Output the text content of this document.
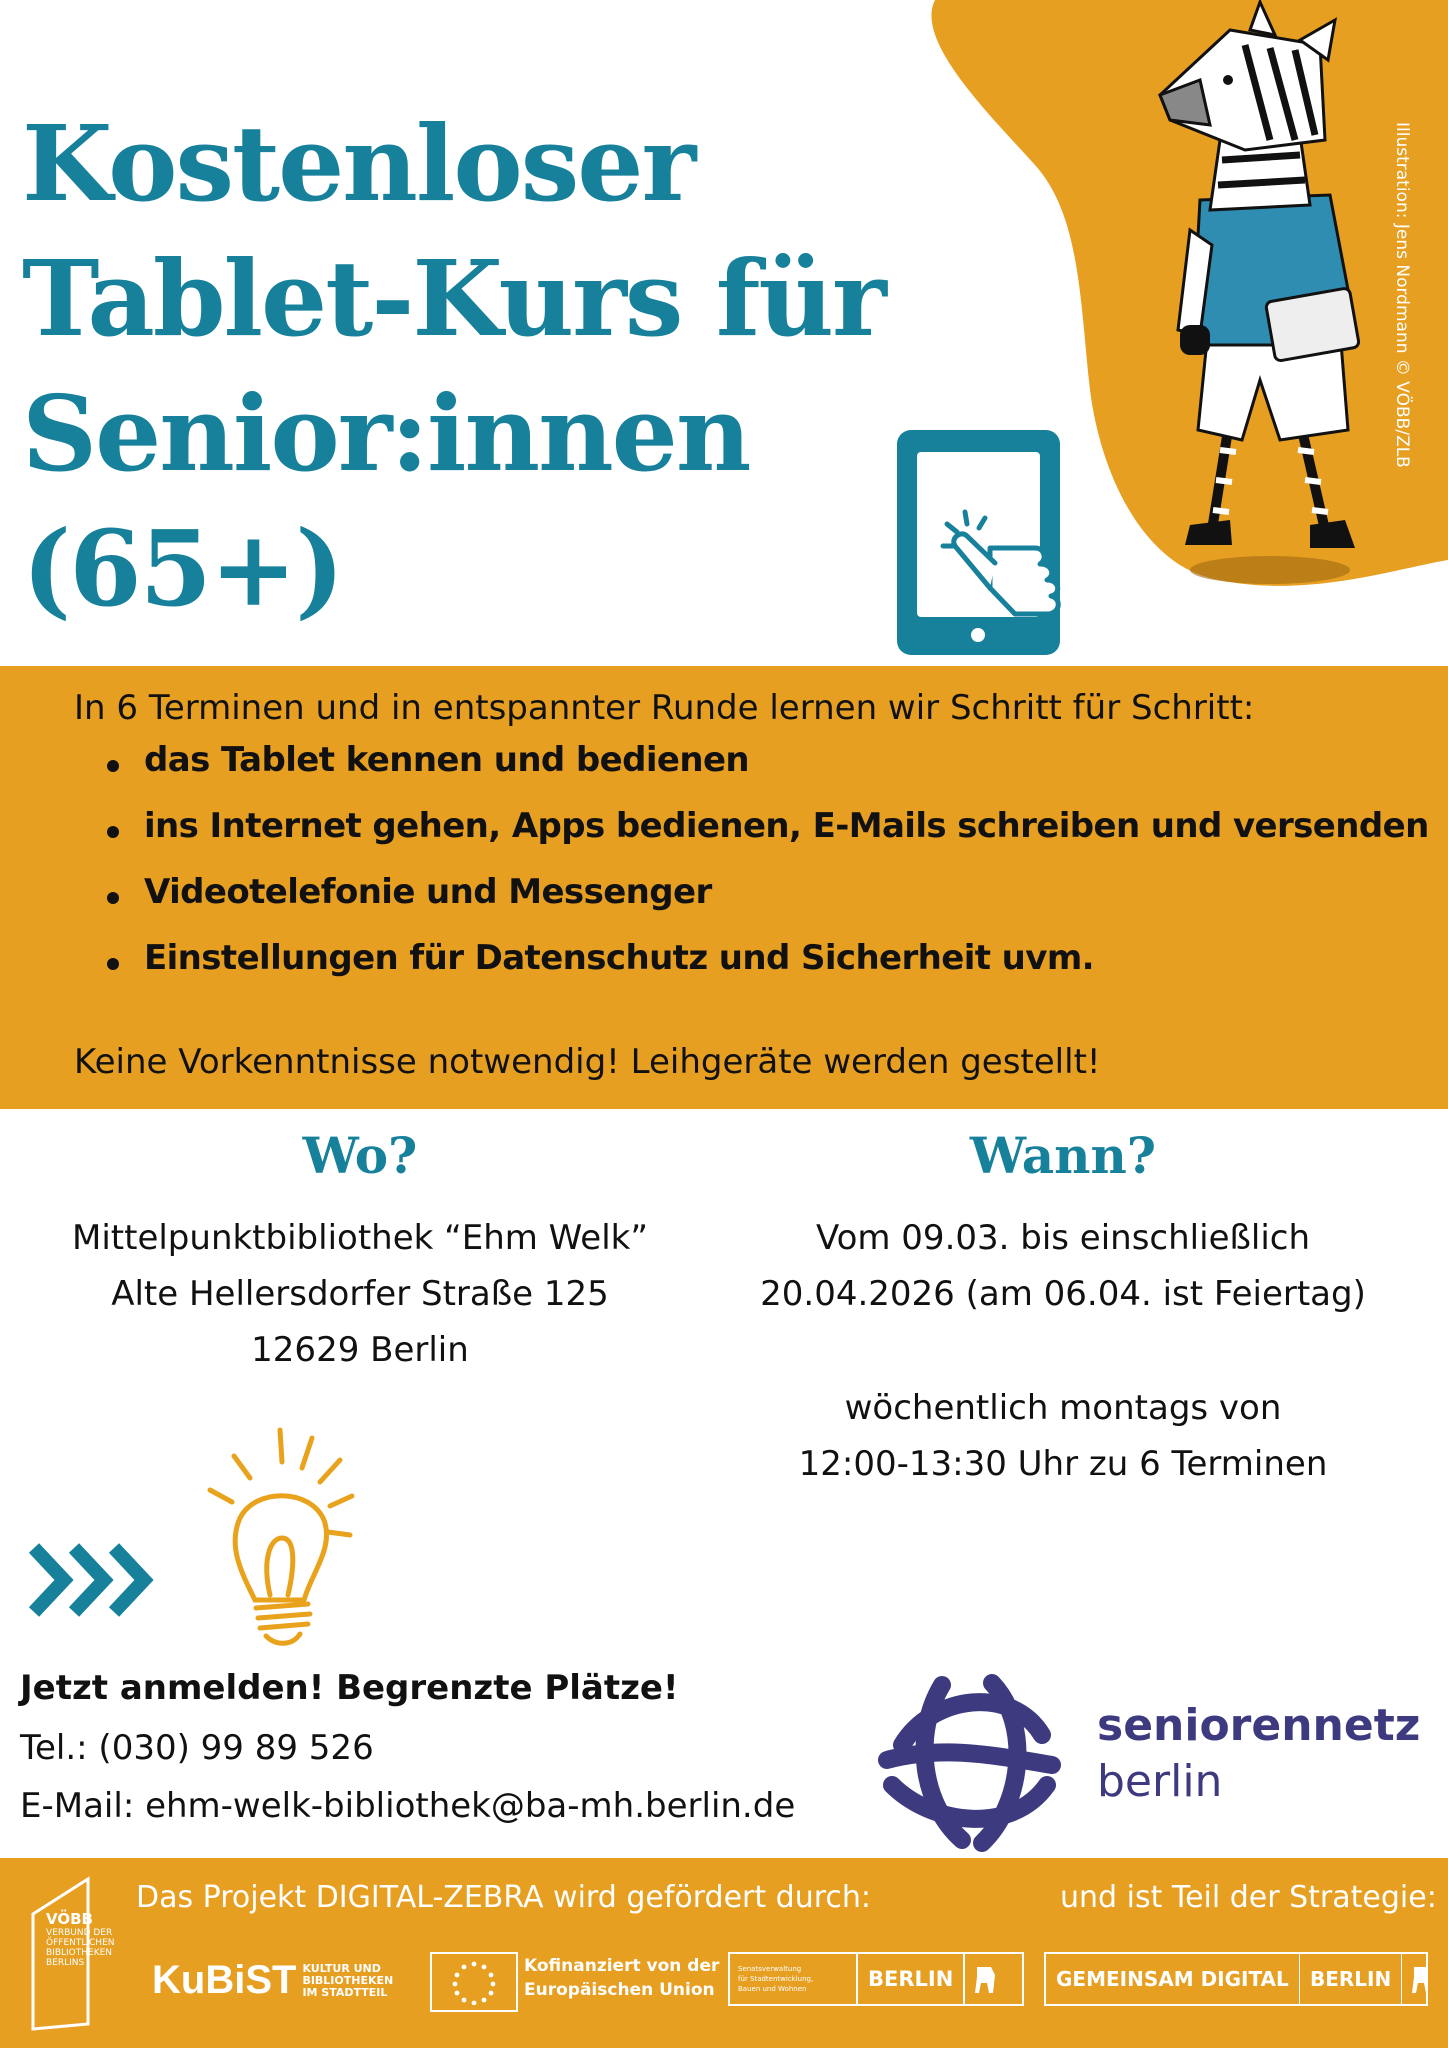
Illustration: Jens Nordmann © VÖBB/ZLB
Kostenloser
Tablet-Kurs für
Senior:innen
(65+)
In 6 Terminen und in entspannter Runde lernen wir Schritt für Schritt:
das Tablet kennen und bedienen
ins Internet gehen, Apps bedienen, E-Mails schreiben und versenden
Videotelefonie und Messenger
Einstellungen für Datenschutz und Sicherheit uvm.
Keine Vorkenntnisse notwendig! Leihgeräte werden gestellt!
Wo?
Mittelpunktbibliothek “Ehm Welk”
Alte Hellersdorfer Straße 125
12629 Berlin
Wann?
Vom 09.03. bis einschließlich
20.04.2026 (am 06.04. ist Feiertag)
wöchentlich montags von
12:00-13:30 Uhr zu 6 Terminen
Jetzt anmelden! Begrenzte Plätze!
Tel.: (030) 99 89 526
E-Mail: ehm-welk-bibliothek@ba-mh.berlin.de
seniorennetz
berlin
Das Projekt DIGITAL-ZEBRA wird gefördert durch:	und ist Teil der Strategie:
VÖBB
VERBUND DER
ÖFFENTLICHEN
BIBLIOTHEKEN
BERLINS	KuBiST KULTUR UND
BIBLIOTHEKEN
IM STADTTEIL
Kofinanziert von der
Europäischen Union
Senatsverwaltung
für Stadtentwicklung,
Bauen und Wohnen	BERLIN	GEMEINSAM DIGITAL	BERLIN
